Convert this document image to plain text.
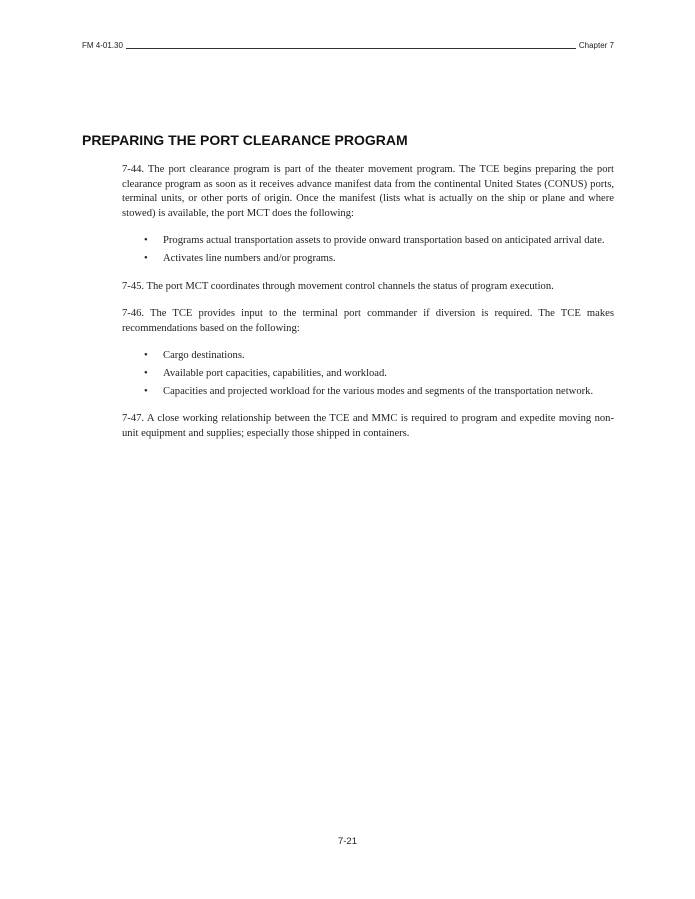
FM 4-01.30	Chapter 7
PREPARING THE PORT CLEARANCE PROGRAM

7-44. The port clearance program is part of the theater movement program. The TCE begins preparing the port clearance program as soon as it receives advance manifest data from the continental United States (CONUS) ports, terminal units, or other ports of origin. Once the manifest (lists what is actually on the ship or plane and where stowed) is available, the port MCT does the following:

• Programs actual transportation assets to provide onward transportation based on anticipated arrival date.
• Activates line numbers and/or programs.

7-45. The port MCT coordinates through movement control channels the status of program execution.

7-46. The TCE provides input to the terminal port commander if diversion is required. The TCE makes recommendations based on the following:

• Cargo destinations.
• Available port capacities, capabilities, and workload.
• Capacities and projected workload for the various modes and segments of the transportation network.

7-47. A close working relationship between the TCE and MMC is required to program and expedite moving non-unit equipment and supplies; especially those shipped in containers.

7-21
